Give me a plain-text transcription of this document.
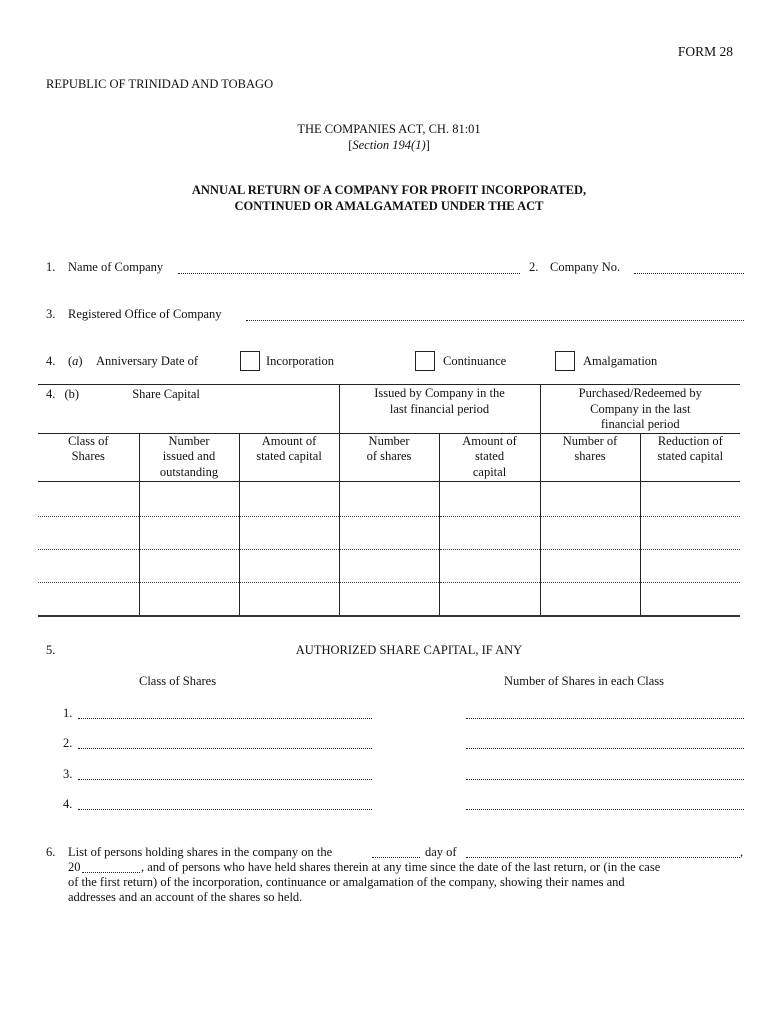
FORM 28
REPUBLIC OF TRINIDAD AND TOBAGO
THE COMPANIES ACT, CH. 81:01
[Section 194(1)]
ANNUAL RETURN OF A COMPANY FOR PROFIT INCORPORATED,
CONTINUED OR AMALGAMATED UNDER THE ACT
1. Name of Company	2. Company No.
3. Registered Office of Company
4. (a) Anniversary Date of	Incorporation	Continuance	Amalgamation
4. (b) Share Capital			Issued by Company in the last financial period		Purchased/Redeemed by Company in the last financial period	
Class of Shares	Number issued and outstanding	Amount of stated capital	Number of shares	Amount of stated capital	Number of shares	Reduction of stated capital

5.	AUTHORIZED SHARE CAPITAL, IF ANY
Class of Shares	Number of Shares in each Class
1.
2.
3.
4.
6. List of persons holding shares in the company on the	day of	,
20	, and of persons who have held shares therein at any time since the date of the last return, or (in the case
of the first return) of the incorporation, continuance or amalgamation of the company, showing their names and
addresses and an account of the shares so held.
